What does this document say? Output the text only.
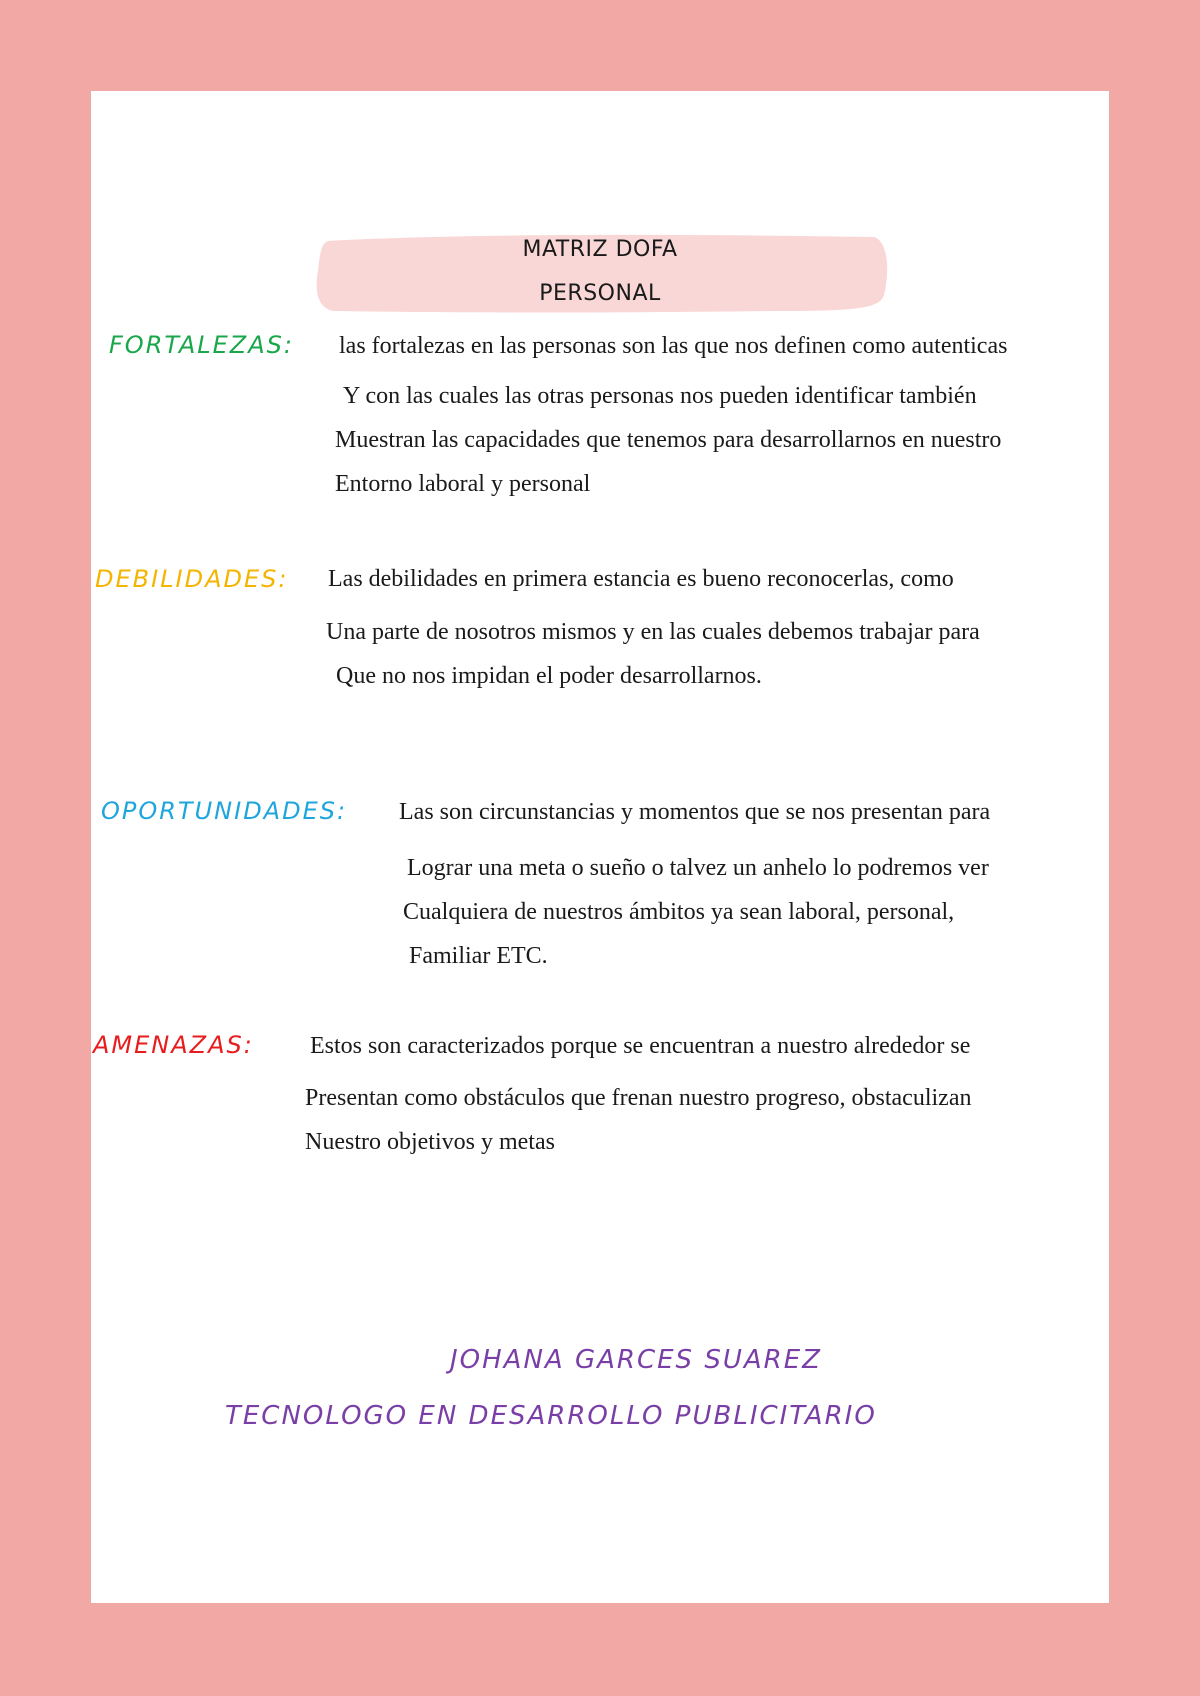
MATRIZ DOFA
PERSONAL
FORTALEZAS: las fortalezas en las personas son las que nos definen como autenticas
Y con las cuales las otras personas nos pueden identificar también
Muestran las capacidades que tenemos para desarrollarnos en nuestro
Entorno laboral y personal
DEBILIDADES: Las debilidades en primera estancia es bueno reconocerlas, como
Una parte de nosotros mismos y en las cuales debemos trabajar para
Que no nos impidan el poder desarrollarnos.
OPORTUNIDADES: Las son circunstancias y momentos que se nos presentan para
Lograr una meta o sueño o talvez un anhelo lo podremos ver
Cualquiera de nuestros ámbitos ya sean laboral, personal,
Familiar ETC.
AMENAZAS: Estos son caracterizados porque se encuentran a nuestro alrededor se
Presentan como obstáculos que frenan nuestro progreso, obstaculizan
Nuestro objetivos y metas
JOHANA GARCES SUAREZ
TECNOLOGO EN DESARROLLO PUBLICITARIO
